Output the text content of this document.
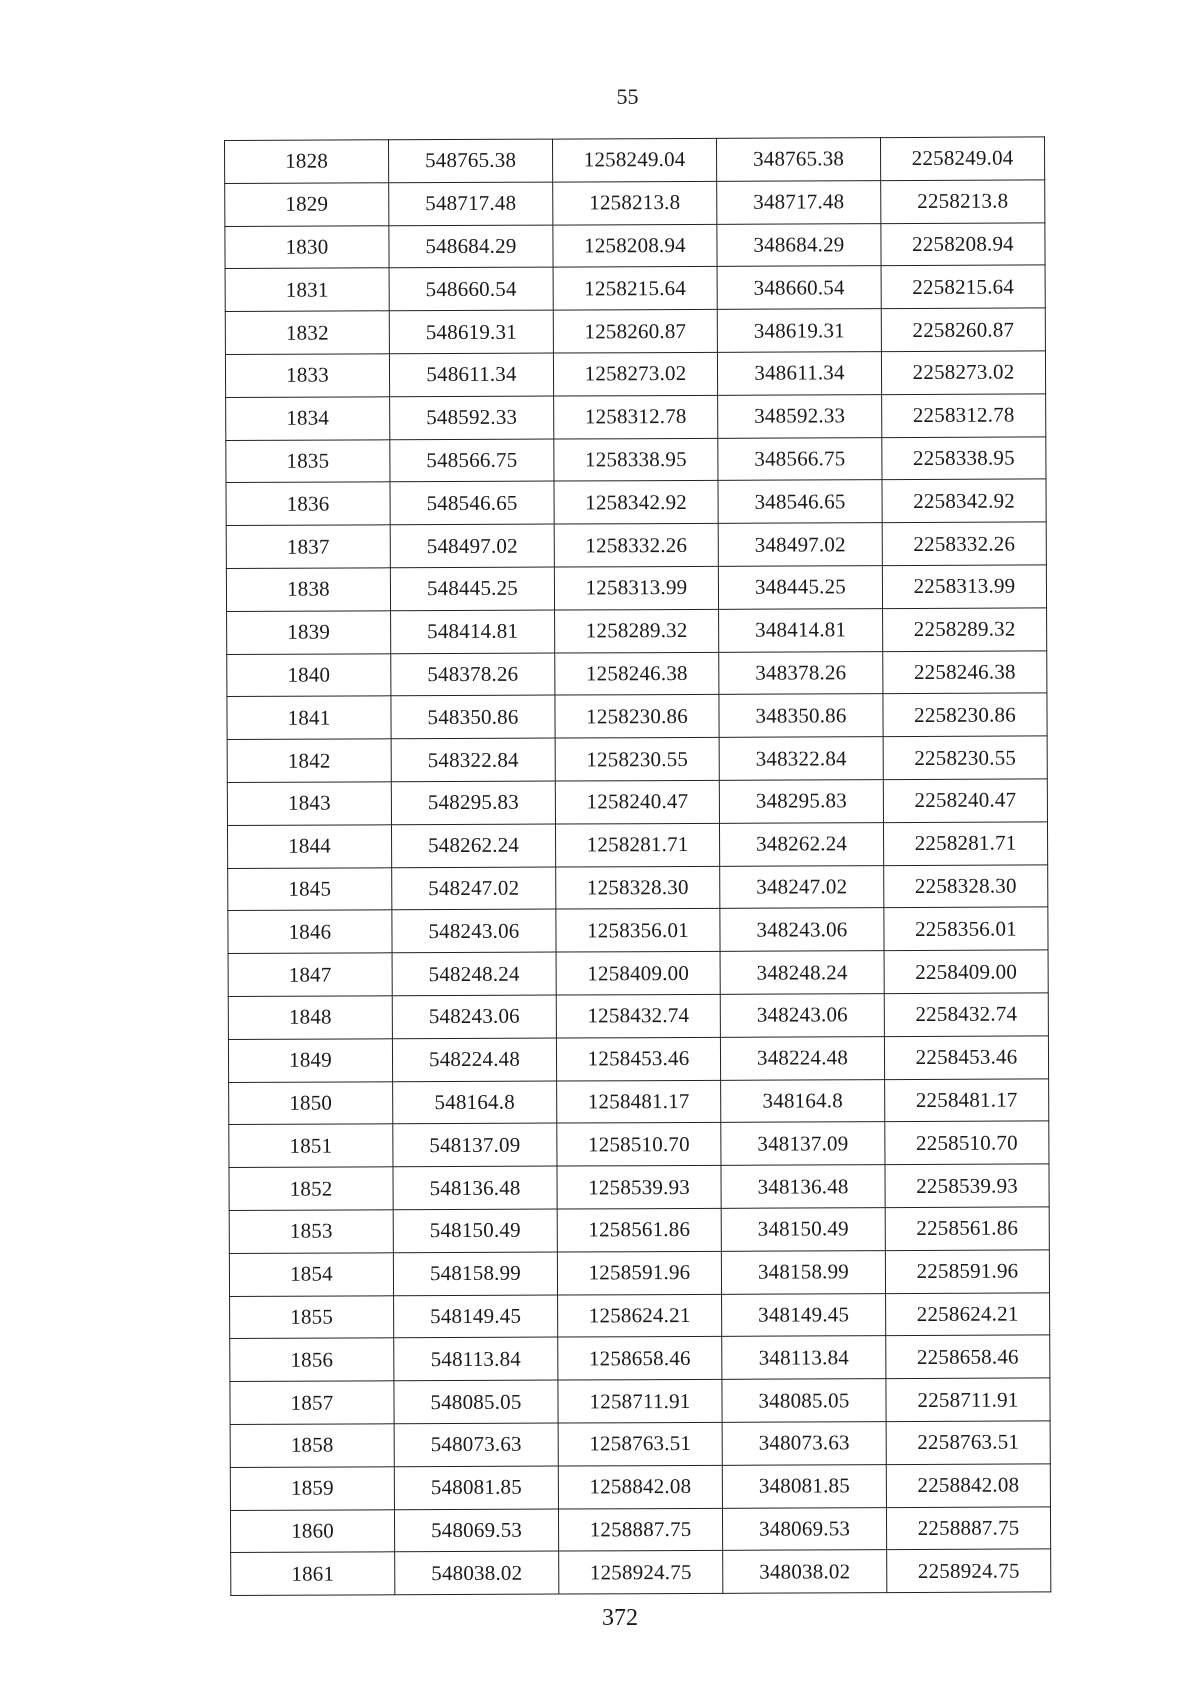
55
1828	548765.38	1258249.04	348765.38	2258249.04
1829	548717.48	1258213.8	348717.48	2258213.8
1830	548684.29	1258208.94	348684.29	2258208.94
1831	548660.54	1258215.64	348660.54	2258215.64
1832	548619.31	1258260.87	348619.31	2258260.87
1833	548611.34	1258273.02	348611.34	2258273.02
1834	548592.33	1258312.78	348592.33	2258312.78
1835	548566.75	1258338.95	348566.75	2258338.95
1836	548546.65	1258342.92	348546.65	2258342.92
1837	548497.02	1258332.26	348497.02	2258332.26
1838	548445.25	1258313.99	348445.25	2258313.99
1839	548414.81	1258289.32	348414.81	2258289.32
1840	548378.26	1258246.38	348378.26	2258246.38
1841	548350.86	1258230.86	348350.86	2258230.86
1842	548322.84	1258230.55	348322.84	2258230.55
1843	548295.83	1258240.47	348295.83	2258240.47
1844	548262.24	1258281.71	348262.24	2258281.71
1845	548247.02	1258328.30	348247.02	2258328.30
1846	548243.06	1258356.01	348243.06	2258356.01
1847	548248.24	1258409.00	348248.24	2258409.00
1848	548243.06	1258432.74	348243.06	2258432.74
1849	548224.48	1258453.46	348224.48	2258453.46
1850	548164.8	1258481.17	348164.8	2258481.17
1851	548137.09	1258510.70	348137.09	2258510.70
1852	548136.48	1258539.93	348136.48	2258539.93
1853	548150.49	1258561.86	348150.49	2258561.86
1854	548158.99	1258591.96	348158.99	2258591.96
1855	548149.45	1258624.21	348149.45	2258624.21
1856	548113.84	1258658.46	348113.84	2258658.46
1857	548085.05	1258711.91	348085.05	2258711.91
1858	548073.63	1258763.51	348073.63	2258763.51
1859	548081.85	1258842.08	348081.85	2258842.08
1860	548069.53	1258887.75	348069.53	2258887.75
1861	548038.02	1258924.75	348038.02	2258924.75
372
